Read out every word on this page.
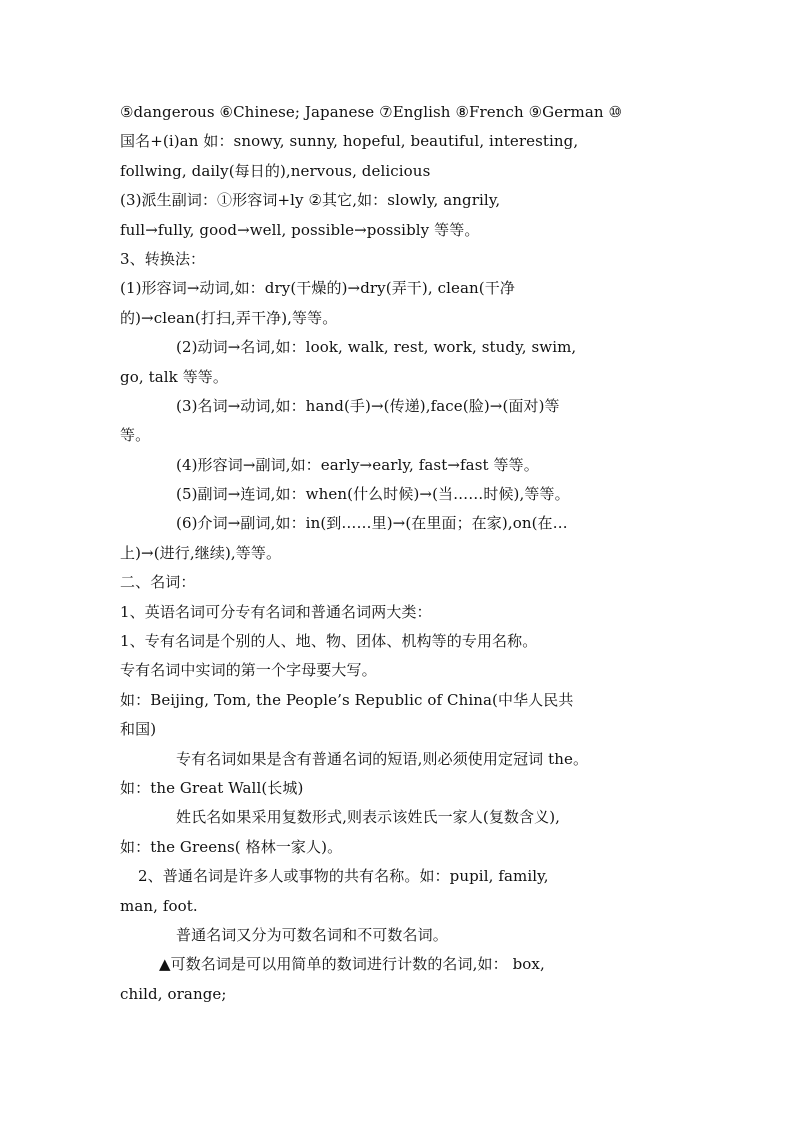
⑤dangerous ⑥Chinese; Japanese ⑦English ⑧French ⑨German ⑩
国名+(i)an 如：snowy, sunny, hopeful, beautiful, interesting,
follwing, daily(每日的),nervous, delicious
(3)派生副词：①形容词+ly ②其它,如：slowly, angrily,
full→fully, good→well, possible→possibly 等等。
3、转换法：
(1)形容词→动词,如：dry(干燥的)→dry(弄干), clean(干净
的)→clean(打扫,弄干净),等等。
(2)动词→名词,如：look, walk, rest, work, study, swim,
go, talk 等等。
(3)名词→动词,如：hand(手)→(传递),face(脸)→(面对)等
等。
(4)形容词→副词,如：early→early, fast→fast 等等。
(5)副词→连词,如：when(什么时候)→(当……时候),等等。
(6)介词→副词,如：in(到……里)→(在里面；在家),on(在…
上)→(进行,继续),等等。
二、名词：
1、英语名词可分专有名词和普通名词两大类：
1、专有名词是个别的人、地、物、团体、机构等的专用名称。
专有名词中实词的第一个字母要大写。
如：Beijing, Tom, the People’s Republic of China(中华人民共
和国)
专有名词如果是含有普通名词的短语,则必须使用定冠词 the。
如：the Great Wall(长城)
姓氏名如果采用复数形式,则表示该姓氏一家人(复数含义),
如：the Greens( 格林一家人)。
2、普通名词是许多人或事物的共有名称。如：pupil, family,
man, foot.
普通名词又分为可数名词和不可数名词。
▲可数名词是可以用简单的数词进行计数的名词,如： box,
child, orange;
